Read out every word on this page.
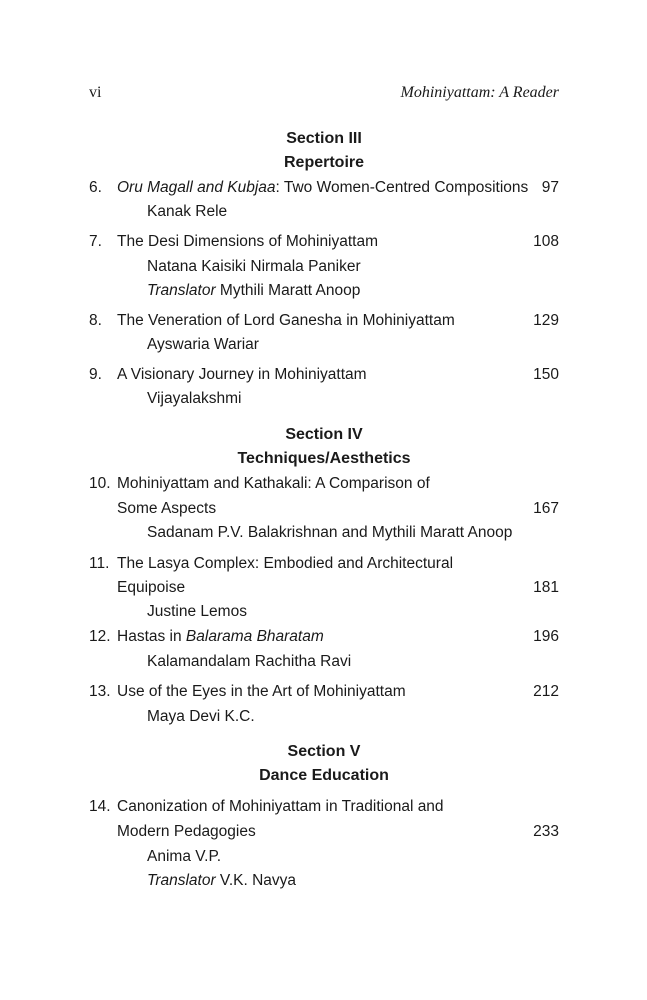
vi	Mohiniyattam: A Reader
Section III
Repertoire
6. Oru Magall and Kubjaa: Two Women-Centred Compositions 97
Kanak Rele
7. The Desi Dimensions of Mohiniyattam	108
Natana Kaisiki Nirmala Paniker
Translator Mythili Maratt Anoop
8. The Veneration of Lord Ganesha in Mohiniyattam	129
Ayswaria Wariar
9. A Visionary Journey in Mohiniyattam	150
Vijayalakshmi
Section IV
Techniques/Aesthetics
10. Mohiniyattam and Kathakali: A Comparison of
Some Aspects	167
Sadanam P.V. Balakrishnan and Mythili Maratt Anoop
11. The Lasya Complex: Embodied and Architectural
Equipoise	181
Justine Lemos
12. Hastas in Balarama Bharatam	196
Kalamandalam Rachitha Ravi
13. Use of the Eyes in the Art of Mohiniyattam	212
Maya Devi K.C.
Section V
Dance Education
14. Canonization of Mohiniyattam in Traditional and
Modern Pedagogies	233
Anima V.P.
Translator V.K. Navya
